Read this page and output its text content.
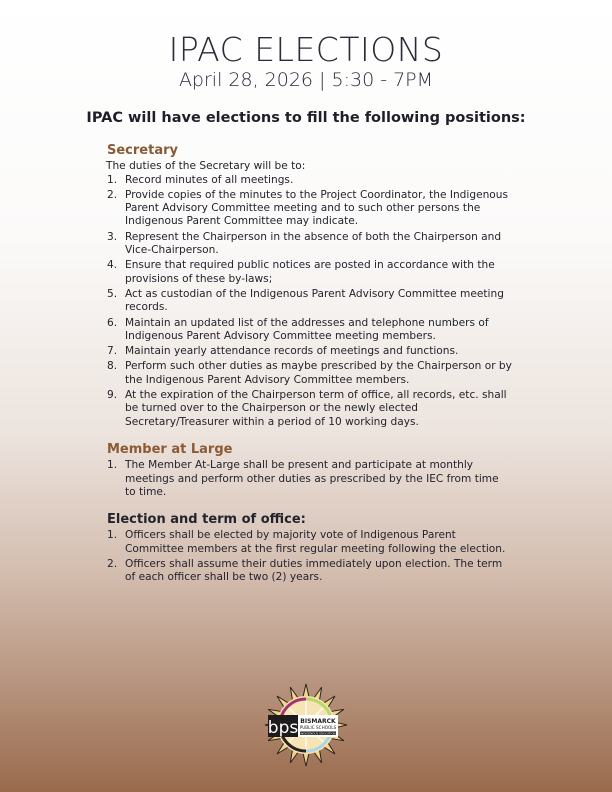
IPAC ELECTIONS
April 28, 2026 | 5:30 - 7PM
IPAC will have elections to fill the following positions:
Secretary
The duties of the Secretary will be to:
1. Record minutes of all meetings.
2. Provide copies of the minutes to the Project Coordinator, the Indigenous Parent Advisory Committee meeting and to such other persons the Indigenous Parent Committee may indicate.
3. Represent the Chairperson in the absence of both the Chairperson and Vice-Chairperson.
4. Ensure that required public notices are posted in accordance with the provisions of these by-laws;
5. Act as custodian of the Indigenous Parent Advisory Committee meeting records.
6. Maintain an updated list of the addresses and telephone numbers of Indigenous Parent Advisory Committee meeting members.
7. Maintain yearly attendance records of meetings and functions.
8. Perform such other duties as maybe prescribed by the Chairperson or by the Indigenous Parent Advisory Committee members.
9. At the expiration of the Chairperson term of office, all records, etc. shall be turned over to the Chairperson or the newly elected Secretary/Treasurer within a period of 10 working days.
Member at Large
1. The Member At-Large shall be present and participate at monthly meetings and perform other duties as prescribed by the IEC from time to time.
Election and term of office:
1. Officers shall be elected by majority vote of Indigenous Parent Committee members at the first regular meeting following the election.
2. Officers shall assume their duties immediately upon election. The term of each officer shall be two (2) years.
bps BISMARCK
PUBLIC SCHOOLS
INDIGENOUS EDUCATION
